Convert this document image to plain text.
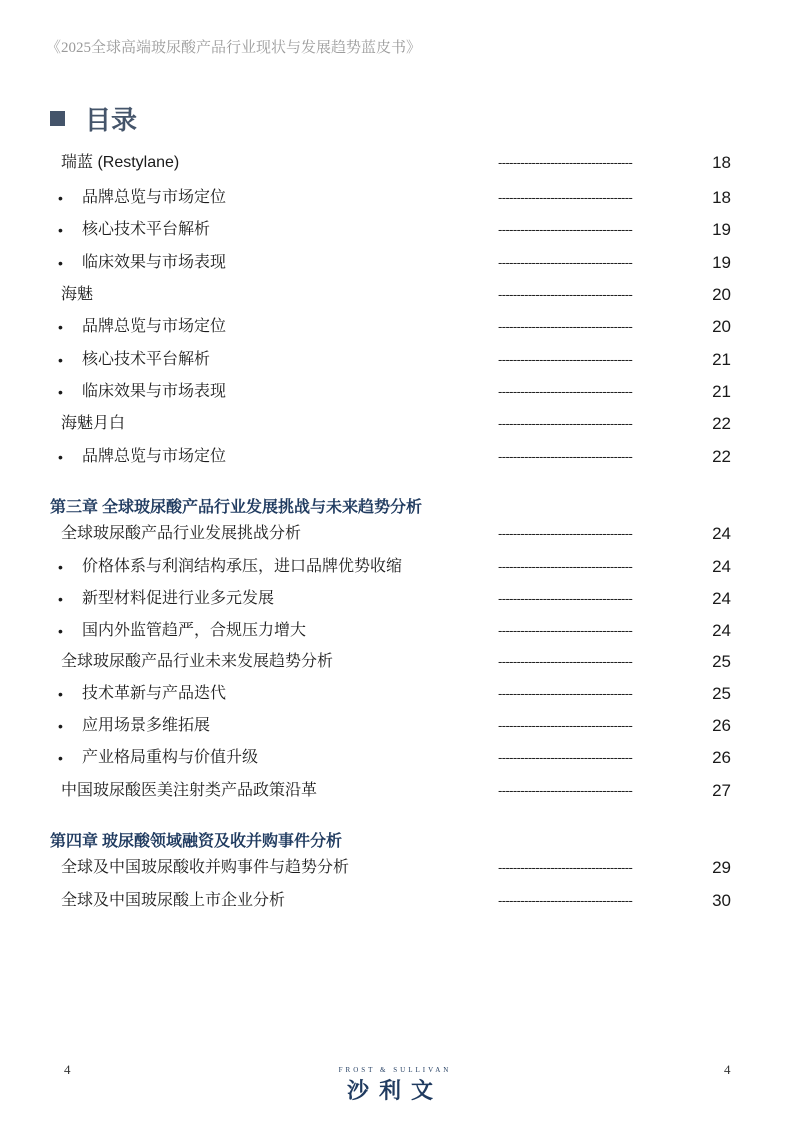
《2025全球高端玻尿酸产品行业现状与发展趋势蓝皮书》
目录
瑞蓝 (Restylane)	------------------------------------	18
• 品牌总览与市场定位	------------------------------------	18
• 核心技术平台解析	------------------------------------	19
• 临床效果与市场表现	------------------------------------	19
海魅	------------------------------------	20
• 品牌总览与市场定位	------------------------------------	20
• 核心技术平台解析	------------------------------------	21
• 临床效果与市场表现	------------------------------------	21
海魅月白	------------------------------------	22
• 品牌总览与市场定位	------------------------------------	22
第三章 全球玻尿酸产品行业发展挑战与未来趋势分析
全球玻尿酸产品行业发展挑战分析	------------------------------------	24
• 价格体系与利润结构承压，进口品牌优势收缩	------------------------------------	24
• 新型材料促进行业多元发展	------------------------------------	24
• 国内外监管趋严，合规压力增大	------------------------------------	24
全球玻尿酸产品行业未来发展趋势分析	------------------------------------	25
• 技术革新与产品迭代	------------------------------------	25
• 应用场景多维拓展	------------------------------------	26
• 产业格局重构与价值升级	------------------------------------	26
中国玻尿酸医美注射类产品政策沿革	------------------------------------	27
第四章 玻尿酸领域融资及收并购事件分析
全球及中国玻尿酸收并购事件与趋势分析	------------------------------------	29
全球及中国玻尿酸上市企业分析	------------------------------------	30
4	4
FROST & SULLIVAN
沙利文
